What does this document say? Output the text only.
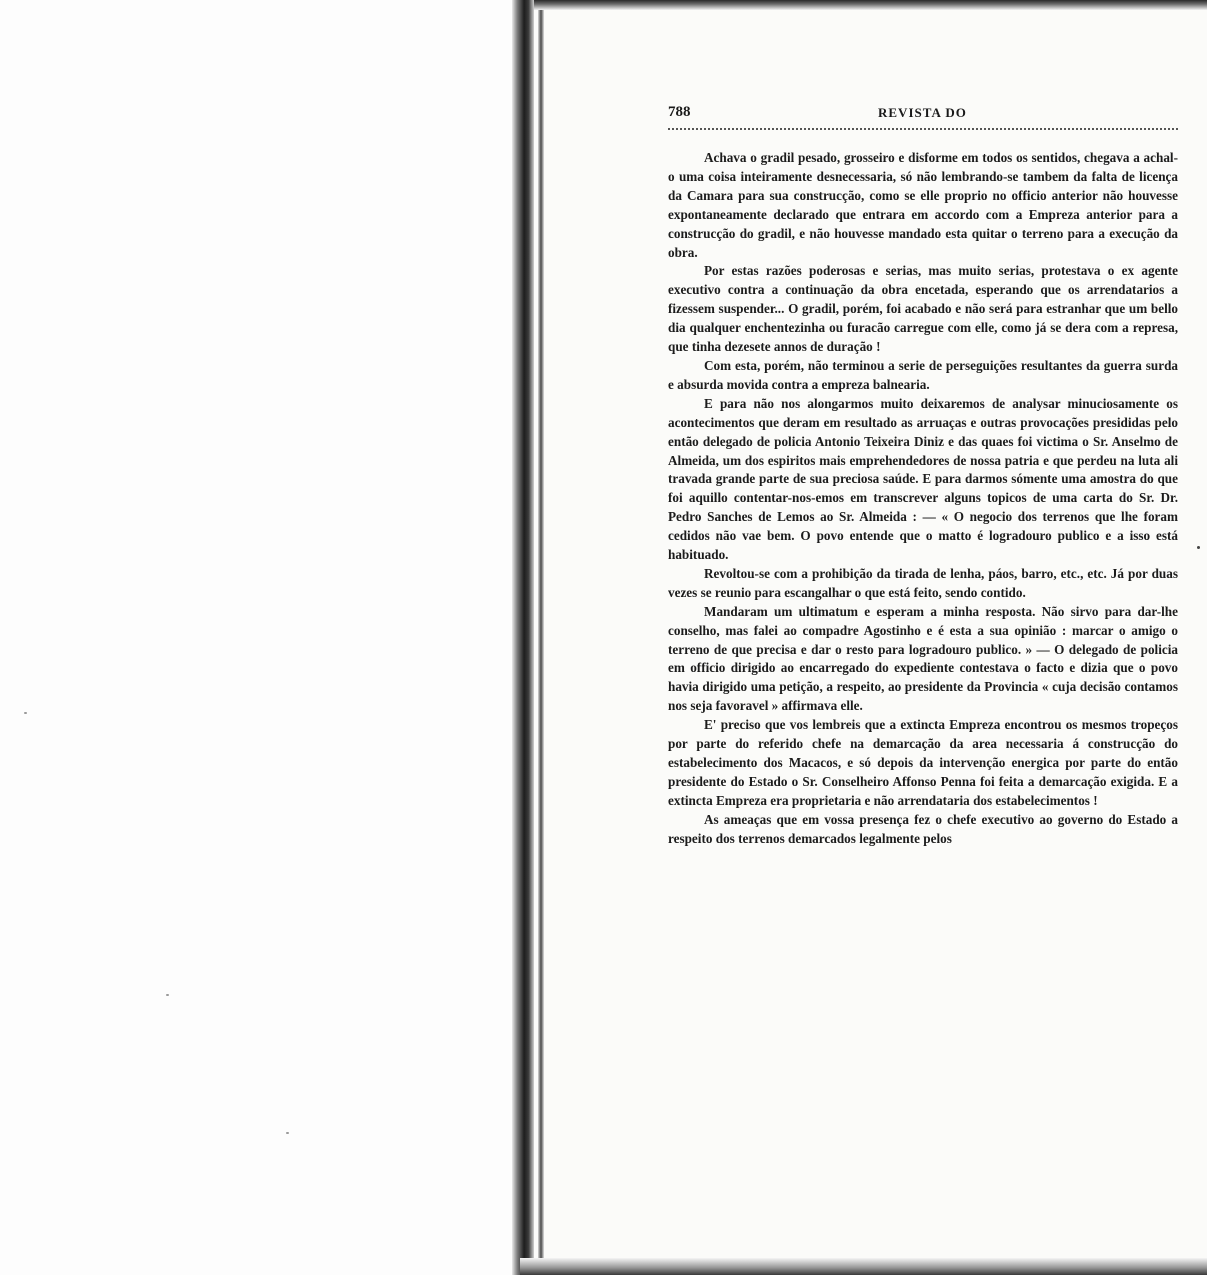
788	REVISTA DO

Achava o gradil pesado, grosseiro e disforme em todos os sentidos, chegava a achal-o uma coisa inteiramente desnecessaria, só não lembrando-se tambem da falta de licença da Camara para sua construcção, como se elle proprio no officio anterior não houvesse expontaneamente declarado que entrara em accordo com a Empreza anterior para a construcção do gradil, e não houvesse mandado esta quitar o terreno para a execução da obra.

Por estas razões poderosas e serias, mas muito serias, protestava o ex agente executivo contra a continuação da obra encetada, esperando que os arrendatarios a fizessem suspender... O gradil, porém, foi acabado e não será para estranhar que um bello dia qualquer enchentezinha ou furacão carregue com elle, como já se dera com a represa, que tinha dezesete annos de duração !

Com esta, porém, não terminou a serie de perseguições resultantes da guerra surda e absurda movida contra a empreza balnearia.

E para não nos alongarmos muito deixaremos de analysar minuciosamente os acontecimentos que deram em resultado as arruaças e outras provocações presididas pelo então delegado de policia Antonio Teixeira Diniz e das quaes foi victima o Sr. Anselmo de Almeida, um dos espiritos mais emprehendedores de nossa patria e que perdeu na luta ali travada grande parte de sua preciosa saúde. E para darmos sómente uma amostra do que foi aquillo contentar-nos-emos em transcrever alguns topicos de uma carta do Sr. Dr. Pedro Sanches de Lemos ao Sr. Almeida : — « O negocio dos terrenos que lhe foram cedidos não vae bem. O povo entende que o matto é logradouro publico e a isso está habituado.

Revoltou-se com a prohibição da tirada de lenha, páos, barro, etc., etc. Já por duas vezes se reunio para escangalhar o que está feito, sendo contido.

Mandaram um ultimatum e esperam a minha resposta. Não sirvo para dar-lhe conselho, mas falei ao compadre Agostinho e é esta a sua opinião : marcar o amigo o terreno de que precisa e dar o resto para logradouro publico. » — O delegado de policia em officio dirigido ao encarregado do expediente contestava o facto e dizia que o povo havia dirigido uma petição, a respeito, ao presidente da Provincia « cuja decisão contamos nos seja favoravel » affirmava elle.

E' preciso que vos lembreis que a extincta Empreza encontrou os mesmos tropeços por parte do referido chefe na demarcação da area necessaria á construcção do estabelecimento dos Macacos, e só depois da intervenção energica por parte do então presidente do Estado o Sr. Conselheiro Affonso Penna foi feita a demarcação exigida. E a extincta Empreza era proprietaria e não arrendataria dos estabelecimentos !

As ameaças que em vossa presença fez o chefe executivo ao governo do Estado a respeito dos terrenos demarcados legalmente pelos
